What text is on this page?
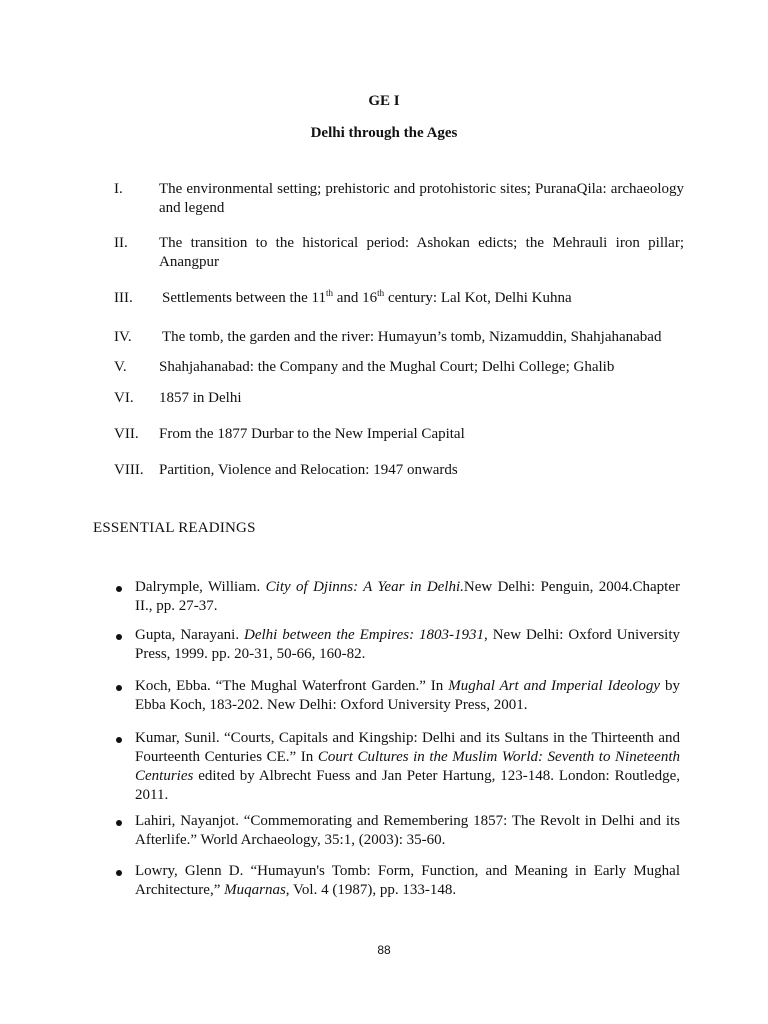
GE I
Delhi through the Ages
I.	The environmental setting; prehistoric and protohistoric sites; PuranaQila: archaeology and legend
II.	The transition to the historical period: Ashokan edicts; the Mehrauli iron pillar; Anangpur
III.	Settlements between the 11th and 16th century: Lal Kot, Delhi Kuhna
IV.	The tomb, the garden and the river: Humayun’s tomb, Nizamuddin, Shahjahanabad
V.	Shahjahanabad: the Company and the Mughal Court; Delhi College; Ghalib
VI.	1857 in Delhi
VII.	From the 1877 Durbar to the New Imperial Capital
VIII.	Partition, Violence and Relocation: 1947 onwards
ESSENTIAL READINGS
Dalrymple, William. City of Djinns: A Year in Delhi.New Delhi: Penguin, 2004.Chapter II., pp. 27-37.
Gupta, Narayani. Delhi between the Empires: 1803-1931, New Delhi: Oxford University Press, 1999. pp. 20-31, 50-66, 160-82.
Koch, Ebba. “The Mughal Waterfront Garden.” In Mughal Art and Imperial Ideology by Ebba Koch, 183-202. New Delhi: Oxford University Press, 2001.
Kumar, Sunil. “Courts, Capitals and Kingship: Delhi and its Sultans in the Thirteenth and Fourteenth Centuries CE.” In Court Cultures in the Muslim World: Seventh to Nineteenth Centuries edited by Albrecht Fuess and Jan Peter Hartung, 123-148. London: Routledge, 2011.
Lahiri, Nayanjot. “Commemorating and Remembering 1857: The Revolt in Delhi and its Afterlife.” World Archaeology, 35:1, (2003): 35-60.
Lowry, Glenn D. “Humayun's Tomb: Form, Function, and Meaning in Early Mughal Architecture,” Muqarnas, Vol. 4 (1987), pp. 133-148.
88
